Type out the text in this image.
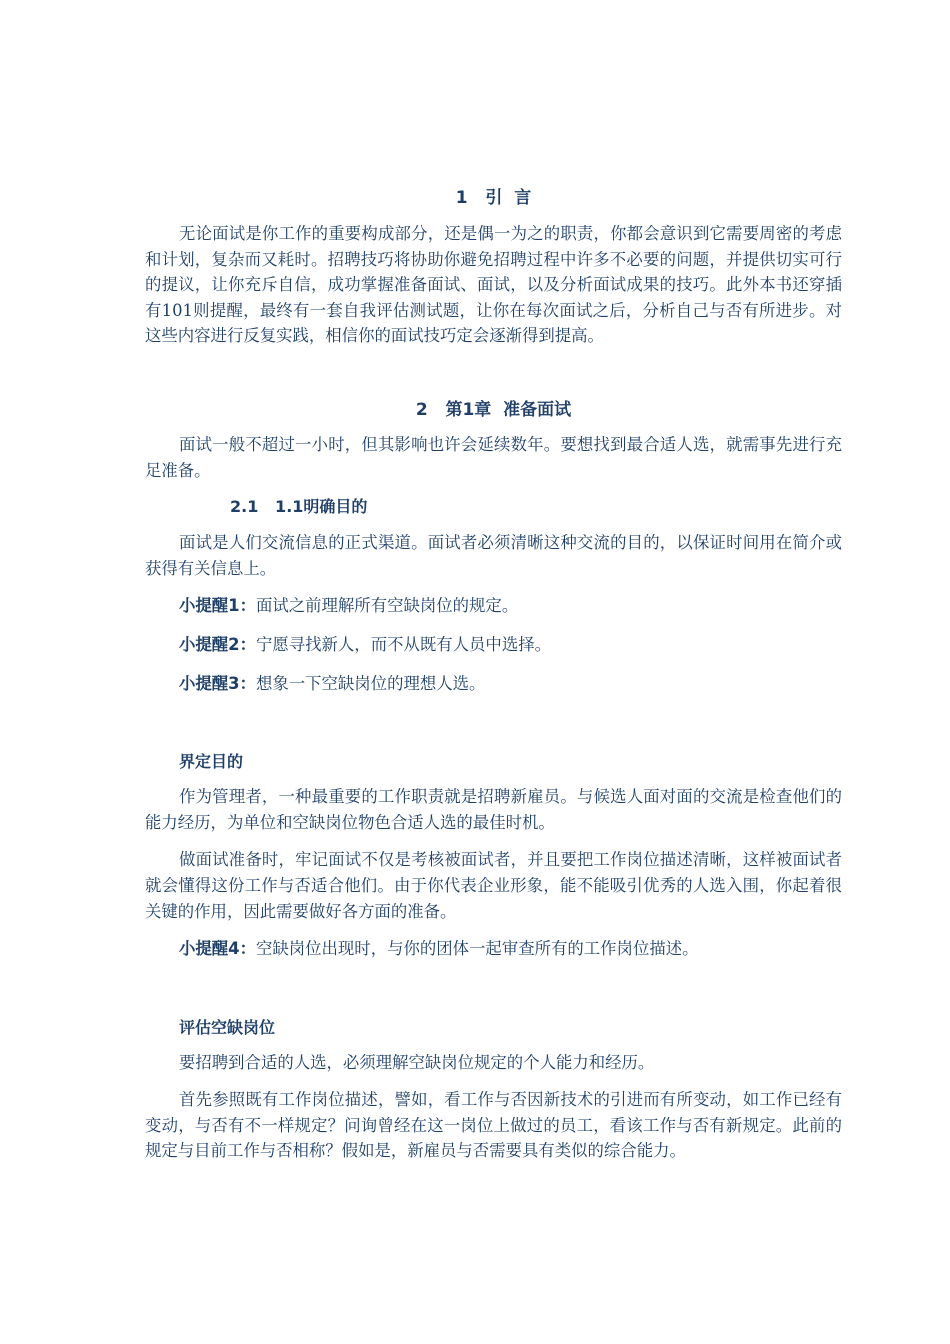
1   引  言

无论面试是你工作的重要构成部分，还是偶一为之的职责，你都会意识到它需要周密的考虑和计划，复杂而又耗时。招聘技巧将协助你避免招聘过程中许多不必要的问题，并提供切实可行的提议，让你充斥自信，成功掌握准备面试、面试，以及分析面试成果的技巧。此外本书还穿插有101则提醒，最终有一套自我评估测试题，让你在每次面试之后，分析自己与否有所进步。对这些内容进行反复实践，相信你的面试技巧定会逐渐得到提高。

2   第1章  准备面试

面试一般不超过一小时，但其影响也许会延续数年。要想找到最合适人选，就需事先进行充足准备。

2.1   1.1明确目的

面试是人们交流信息的正式渠道。面试者必须清晰这种交流的目的，以保证时间用在简介或获得有关信息上。

小提醒1：面试之前理解所有空缺岗位的规定。

小提醒2：宁愿寻找新人，而不从既有人员中选择。

小提醒3：想象一下空缺岗位的理想人选。

界定目的

作为管理者，一种最重要的工作职责就是招聘新雇员。与候选人面对面的交流是检查他们的能力经历，为单位和空缺岗位物色合适人选的最佳时机。

做面试准备时，牢记面试不仅是考核被面试者，并且要把工作岗位描述清晰，这样被面试者就会懂得这份工作与否适合他们。由于你代表企业形象，能不能吸引优秀的人选入围，你起着很关键的作用，因此需要做好各方面的准备。

小提醒4：空缺岗位出现时，与你的团体一起审查所有的工作岗位描述。

评估空缺岗位

要招聘到合适的人选，必须理解空缺岗位规定的个人能力和经历。

首先参照既有工作岗位描述，譬如，看工作与否因新技术的引进而有所变动，如工作已经有变动，与否有不一样规定？问询曾经在这一岗位上做过的员工，看该工作与否有新规定。此前的规定与目前工作与否相称？假如是，新雇员与否需要具有类似的综合能力。
